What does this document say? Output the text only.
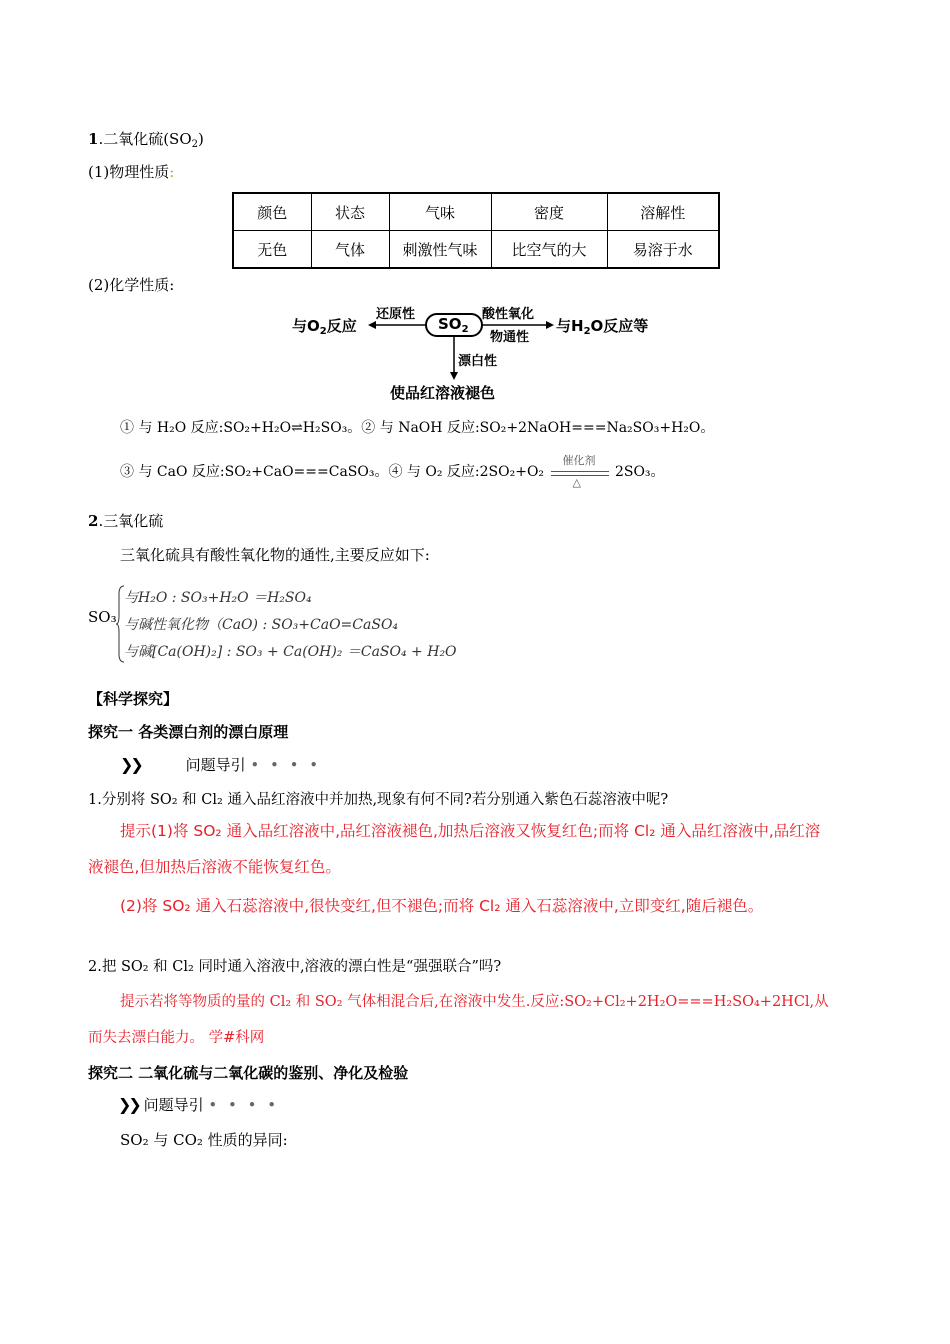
1.二氧化硫$(SO_2)$
(1)物理性质:
颜色	状态	气味	密度	溶解性
无色	气体	刺激性气味	比空气的大	易溶于水
(2)化学性质:
$SO_2$
与$O_2$反应
还原性	酸性氧化
物通性
与$H_2O$反应等
漂白性
使品红溶液褪色
① 与 H₂O 反应:SO₂+H₂O⇌H₂SO₃。② 与 NaOH 反应:SO₂+2NaOH===Na₂SO₃+H₂O。
③ 与 CaO 反应:SO₂+CaO===CaSO₃。④ 与 O₂ 反应:2SO₂+O₂
催化剂
△
2SO₃。
2.三氧化硫
三氧化硫具有酸性氧化物的通性,主要反应如下:
SO₃
与H₂O : SO₃+H₂O ＝H₂SO₄
与碱性氧化物（CaO) : SO₃+CaO=CaSO₄
与碱[Ca(OH)₂] : SO₃ + Ca(OH)₂ ＝CaSO₄ + H₂O
【科学探究】
探究一 各类漂白剂的漂白原理
❯❯	问题导引 • • • •
1.分别将 SO₂ 和 Cl₂ 通入品红溶液中并加热,现象有何不同?若分别通入紫色石蕊溶液中呢?
提示(1)将 SO₂ 通入品红溶液中,品红溶液褪色,加热后溶液又恢复红色;而将 Cl₂ 通入品红溶液中,品红溶
液褪色,但加热后溶液不能恢复红色。
(2)将 SO₂ 通入石蕊溶液中,很快变红,但不褪色;而将 Cl₂ 通入石蕊溶液中,立即变红,随后褪色。
2.把 SO₂ 和 Cl₂ 同时通入溶液中,溶液的漂白性是“强强联合”吗?
提示若将等物质的量的 Cl₂ 和 SO₂ 气体相混合后,在溶液中发生.反应:SO₂+Cl₂+2H₂O===H₂SO₄+2HCl,从
而失去漂白能力。 学#科网
探究二 二氧化硫与二氧化碳的鉴别、净化及检验
❯❯ 问题导引 • • • •
SO₂ 与 CO₂ 性质的异同:
